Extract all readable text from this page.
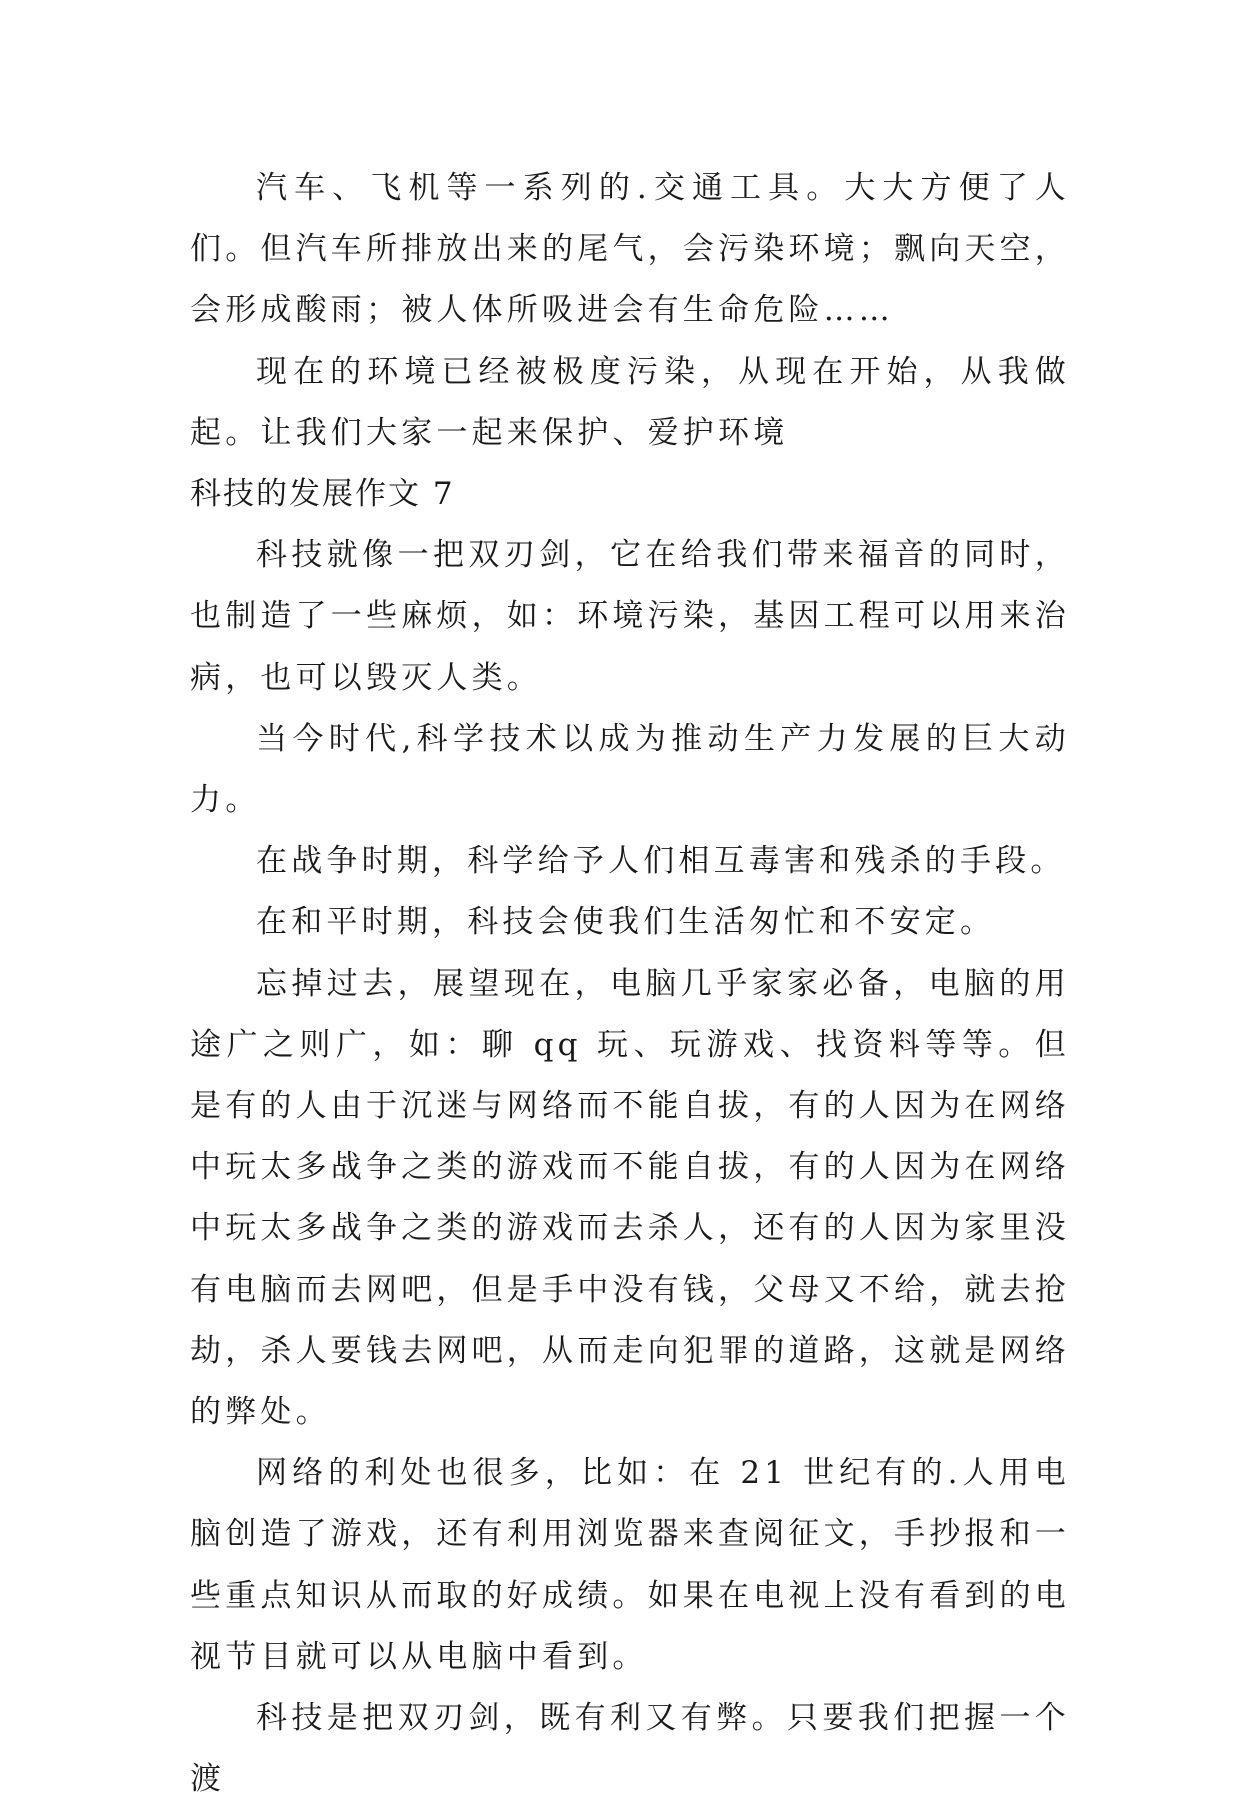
汽车、飞机等一系列的.交通工具。大大方便了人们。但汽车所排放出来的尾气，会污染环境；飘向天空，会形成酸雨；被人体所吸进会有生命危险……

现在的环境已经被极度污染，从现在开始，从我做起。让我们大家一起来保护、爱护环境

科技的发展作文 7

科技就像一把双刃剑，它在给我们带来福音的同时，也制造了一些麻烦，如：环境污染，基因工程可以用来治病，也可以毁灭人类。

当今时代,科学技术以成为推动生产力发展的巨大动力。

在战争时期，科学给予人们相互毒害和残杀的手段。

在和平时期，科技会使我们生活匆忙和不安定。

忘掉过去，展望现在，电脑几乎家家必备，电脑的用途广之则广，如：聊 qq 玩、玩游戏、找资料等等。但是有的人由于沉迷与网络而不能自拔，有的人因为在网络中玩太多战争之类的游戏而不能自拔，有的人因为在网络中玩太多战争之类的游戏而去杀人，还有的人因为家里没有电脑而去网吧，但是手中没有钱，父母又不给，就去抢劫，杀人要钱去网吧，从而走向犯罪的道路，这就是网络的弊处。

网络的利处也很多，比如：在 21 世纪有的.人用电脑创造了游戏，还有利用浏览器来查阅征文，手抄报和一些重点知识从而取的好成绩。如果在电视上没有看到的电视节目就可以从电脑中看到。

科技是把双刃剑，既有利又有弊。只要我们把握一个渡
